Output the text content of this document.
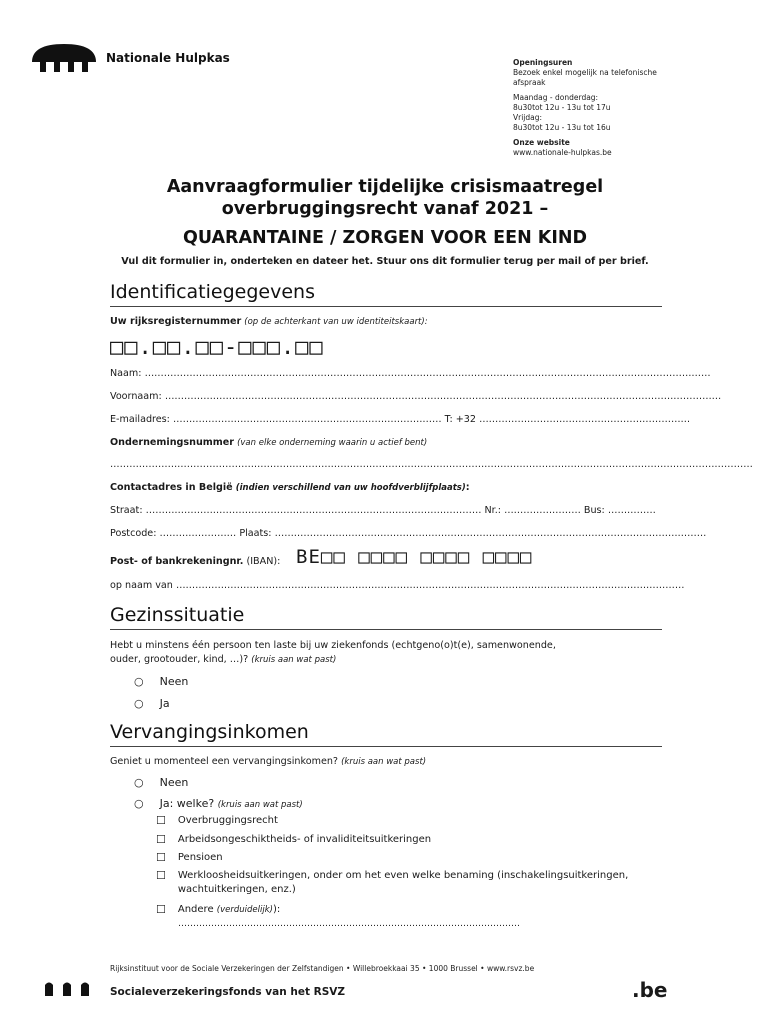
Nationale Hulpkas	Openingsuren
Bezoek enkel mogelijk na telefonische afspraak
Maandag - donderdag:
8u30tot 12u - 13u tot 17u
Vrijdag:
8u30tot 12u - 13u tot 16u
Onze website
www.nationale-hulpkas.be
Aanvraagformulier tijdelijke crisismaatregel
overbruggingsrecht vanaf 2021 –
QUARANTAINE / ZORGEN VOOR EEN KIND
Vul dit formulier in, onderteken en dateer het. Stuur ons dit formulier terug per mail of per brief.
Identificatiegegevens
Uw rijksregisternummer (op de achterkant van uw identiteitskaart):
□□.□□.□□-□□□.□□
Naam: ……………………………………………………………………………………………………………………………………………………………
Voornaam: …………………………………………………………………………………………………………………………………………………………
E-mailadres: ………………………………………………………………………… T: +32 …………………………………………………………
Ondernemingsnummer (van elke onderneming waarin u actief bent)
…………………………………………………………………………………………………………………………………………………………………………………
Contactadres in België (indien verschillend van uw hoofdverblijfplaats):
Straat: …………………………………………………………………………………………… Nr.: …………………… Bus: ……………
Postcode: …………………… Plaats: ………………………………………………………………………………………………………………………
Post- of bankrekeningnr. (IBAN): BE□□ □□□□ □□□□ □□□□
op naam van ……………………………………………………………………………………………………………………………………………
Gezinssituatie
Hebt u minstens één persoon ten laste bij uw ziekenfonds (echtgeno(o)t(e), samenwonende,
ouder, grootouder, kind, …)? (kruis aan wat past)
○ Neen
○ Ja
Vervangingsinkomen
Geniet u momenteel een vervangingsinkomen? (kruis aan wat past)
○ Neen
○ Ja: welke? (kruis aan wat past)
☐ Overbruggingsrecht
☐ Arbeidsongeschiktheids- of invaliditeitsuitkeringen
☐ Pensioen
☐ Werkloosheidsuitkeringen, onder om het even welke benaming (inschakelingsuitkeringen,
wachtuitkeringen, enz.)
☐ Andere (verduidelijk)):
……………………………………………………………………………………………………
Rijksinstituut voor de Sociale Verzekeringen der Zelfstandigen • Willebroekkaai 35 • 1000 Brussel • www.rsvz.be
Socialeverzekeringsfonds van het RSVZ	.be
